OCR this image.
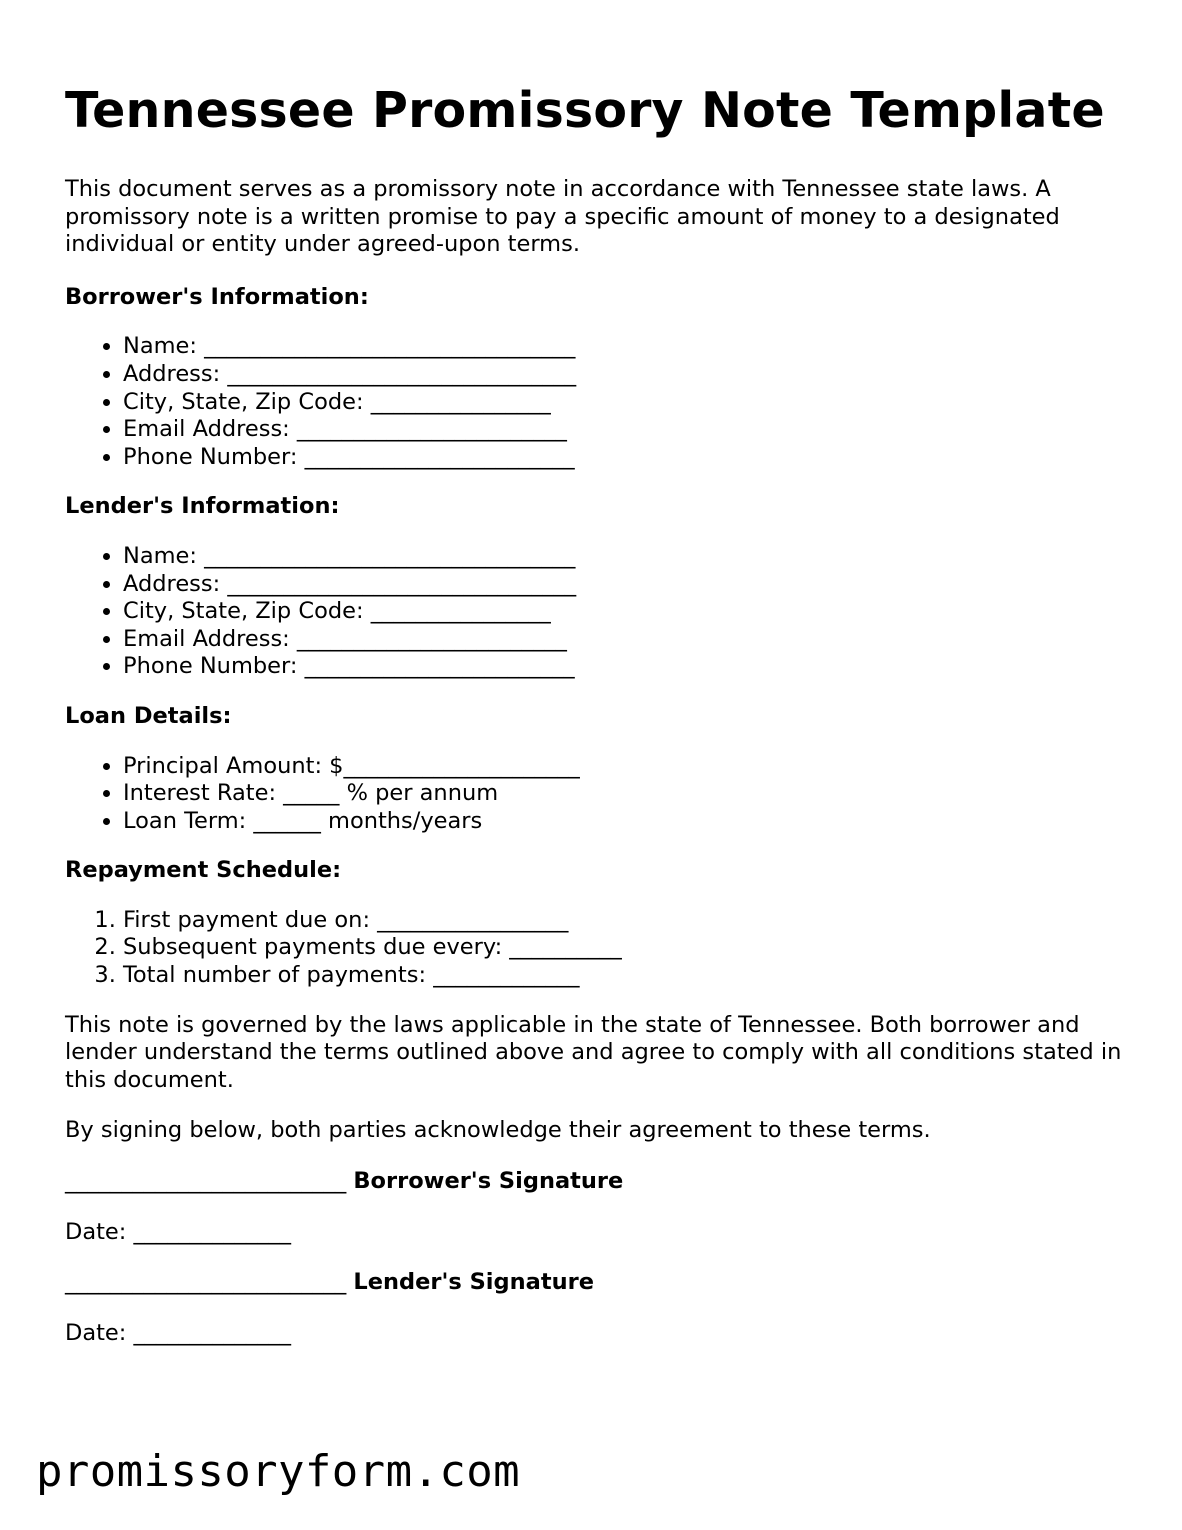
Tennessee Promissory Note Template

This document serves as a promissory note in accordance with Tennessee state laws. A promissory note is a written promise to pay a specific amount of money to a designated individual or entity under agreed-upon terms.

Borrower's Information:
• Name: _________________________________
• Address: _______________________________
• City, State, Zip Code: ________________
• Email Address: ________________________
• Phone Number: ________________________
Lender's Information:
• Name: _________________________________
• Address: _______________________________
• City, State, Zip Code: ________________
• Email Address: ________________________
• Phone Number: ________________________
Loan Details:
• Principal Amount: $_____________________
• Interest Rate: _____ % per annum
• Loan Term: ______ months/years
Repayment Schedule:
1. First payment due on: _________________
2. Subsequent payments due every: __________
3. Total number of payments: _____________

This note is governed by the laws applicable in the state of Tennessee. Both borrower and lender understand the terms outlined above and agree to comply with all conditions stated in this document.

By signing below, both parties acknowledge their agreement to these terms.

_________________________ Borrower's Signature
Date: ______________
_________________________ Lender's Signature
Date: ______________
promissoryform.com
